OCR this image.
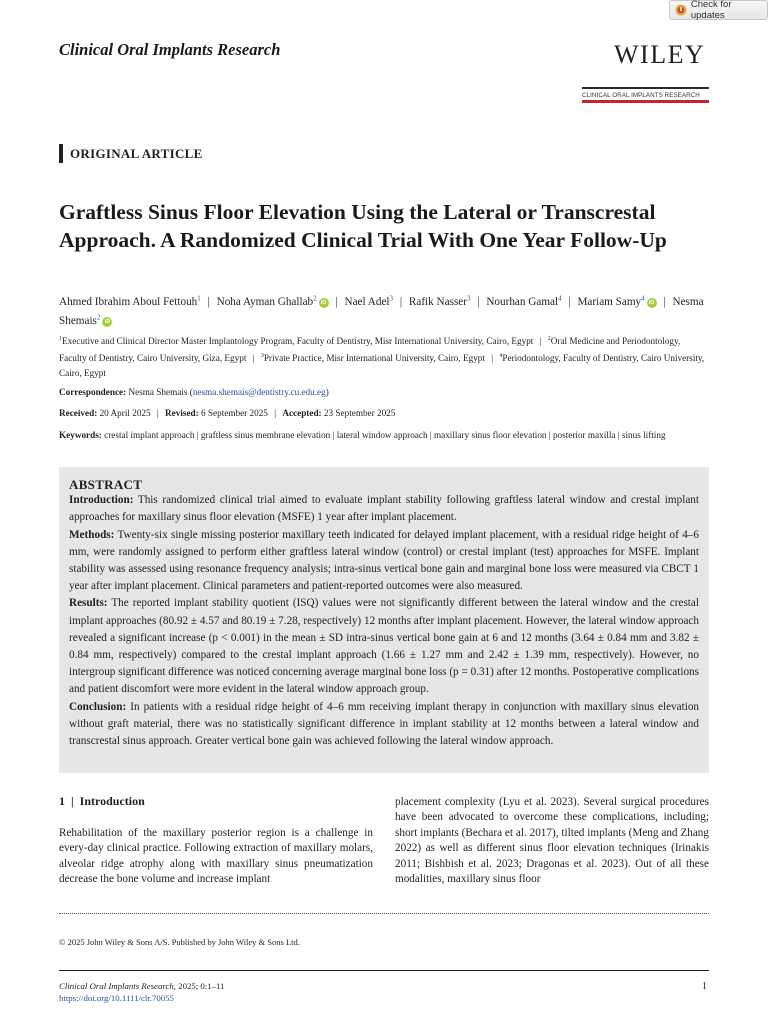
Check for updates
Clinical Oral Implants Research	WILEY
CLINICAL ORAL IMPLANTS RESEARCH
ORIGINAL ARTICLE
Graftless Sinus Floor Elevation Using the Lateral or Transcrestal Approach. A Randomized Clinical Trial With One Year Follow-Up
Ahmed Ibrahim Aboul Fettouh$^1$ | Noha Ayman Ghallab$^2$iD | Nael Adel$^3$ | Rafik Nasser$^3$ | Nourhan Gamal$^4$ | Mariam Samy$^4$iD | Nesma Shemais$^2$iD
$^1$Executive and Clinical Director Master Implantology Program, Faculty of Dentistry, Misr International University, Cairo, Egypt | $^2$Oral Medicine and Periodontology, Faculty of Dentistry, Cairo University, Giza, Egypt | $^3$Private Practice, Misr International University, Cairo, Egypt | $^4$Periodontology, Faculty of Dentistry, Cairo University, Cairo, Egypt
Correspondence: Nesma Shemais (nesma.shemais@dentistry.cu.edu.eg)
Received: 20 April 2025 | Revised: 6 September 2025 | Accepted: 23 September 2025
Keywords: crestal implant approach | graftless sinus membrane elevation | lateral window approach | maxillary sinus floor elevation | posterior maxilla | sinus lifting
ABSTRACT

Introduction: This randomized clinical trial aimed to evaluate implant stability following graftless lateral window and crestal implant approaches for maxillary sinus floor elevation (MSFE) 1 year after implant placement.

Methods: Twenty-six single missing posterior maxillary teeth indicated for delayed implant placement, with a residual ridge height of 4–6 mm, were randomly assigned to perform either graftless lateral window (control) or crestal implant (test) approaches for MSFE. Implant stability was assessed using resonance frequency analysis; intra-sinus vertical bone gain and marginal bone loss were measured via CBCT 1 year after implant placement. Clinical parameters and patient-reported outcomes were also measured.

Results: The reported implant stability quotient (ISQ) values were not significantly different between the lateral window and the crestal implant approaches (80.92 ± 4.57 and 80.19 ± 7.28, respectively) 12 months after implant placement. However, the lateral window approach revealed a significant increase (p < 0.001) in the mean ± SD intra-sinus vertical bone gain at 6 and 12 months (3.64 ± 0.84 mm and 3.82 ± 0.84 mm, respectively) compared to the crestal implant approach (1.66 ± 1.27 mm and 2.42 ± 1.39 mm, respectively). However, no intergroup significant difference was noticed concerning average marginal bone loss (p = 0.31) after 12 months. Postoperative complications and patient discomfort were more evident in the lateral window approach group.

Conclusion: In patients with a residual ridge height of 4–6 mm receiving implant therapy in conjunction with maxillary sinus elevation without graft material, there was no statistically significant difference in implant stability at 12 months between a lateral window and transcrestal sinus approach. Greater vertical bone gain was achieved following the lateral window approach.

1  |  Introduction
Rehabilitation of the maxillary posterior region is a challenge in every-day clinical practice. Following extraction of maxillary molars, alveolar ridge atrophy along with maxillary sinus pneumatization decrease the bone volume and increase implant
placement complexity (Lyu et al. 2023). Several surgical procedures have been advocated to overcome these complications, including; short implants (Bechara et al. 2017), tilted implants (Meng and Zhang 2022) as well as different sinus floor elevation techniques (Irinakis 2011; Bishbish et al. 2023; Dragonas et al. 2023). Out of all these modalities, maxillary sinus floor
© 2025 John Wiley & Sons A/S. Published by John Wiley & Sons Ltd.
Clinical Oral Implants Research, 2025; 0:1–11
https://doi.org/10.1111/clr.70055
1
